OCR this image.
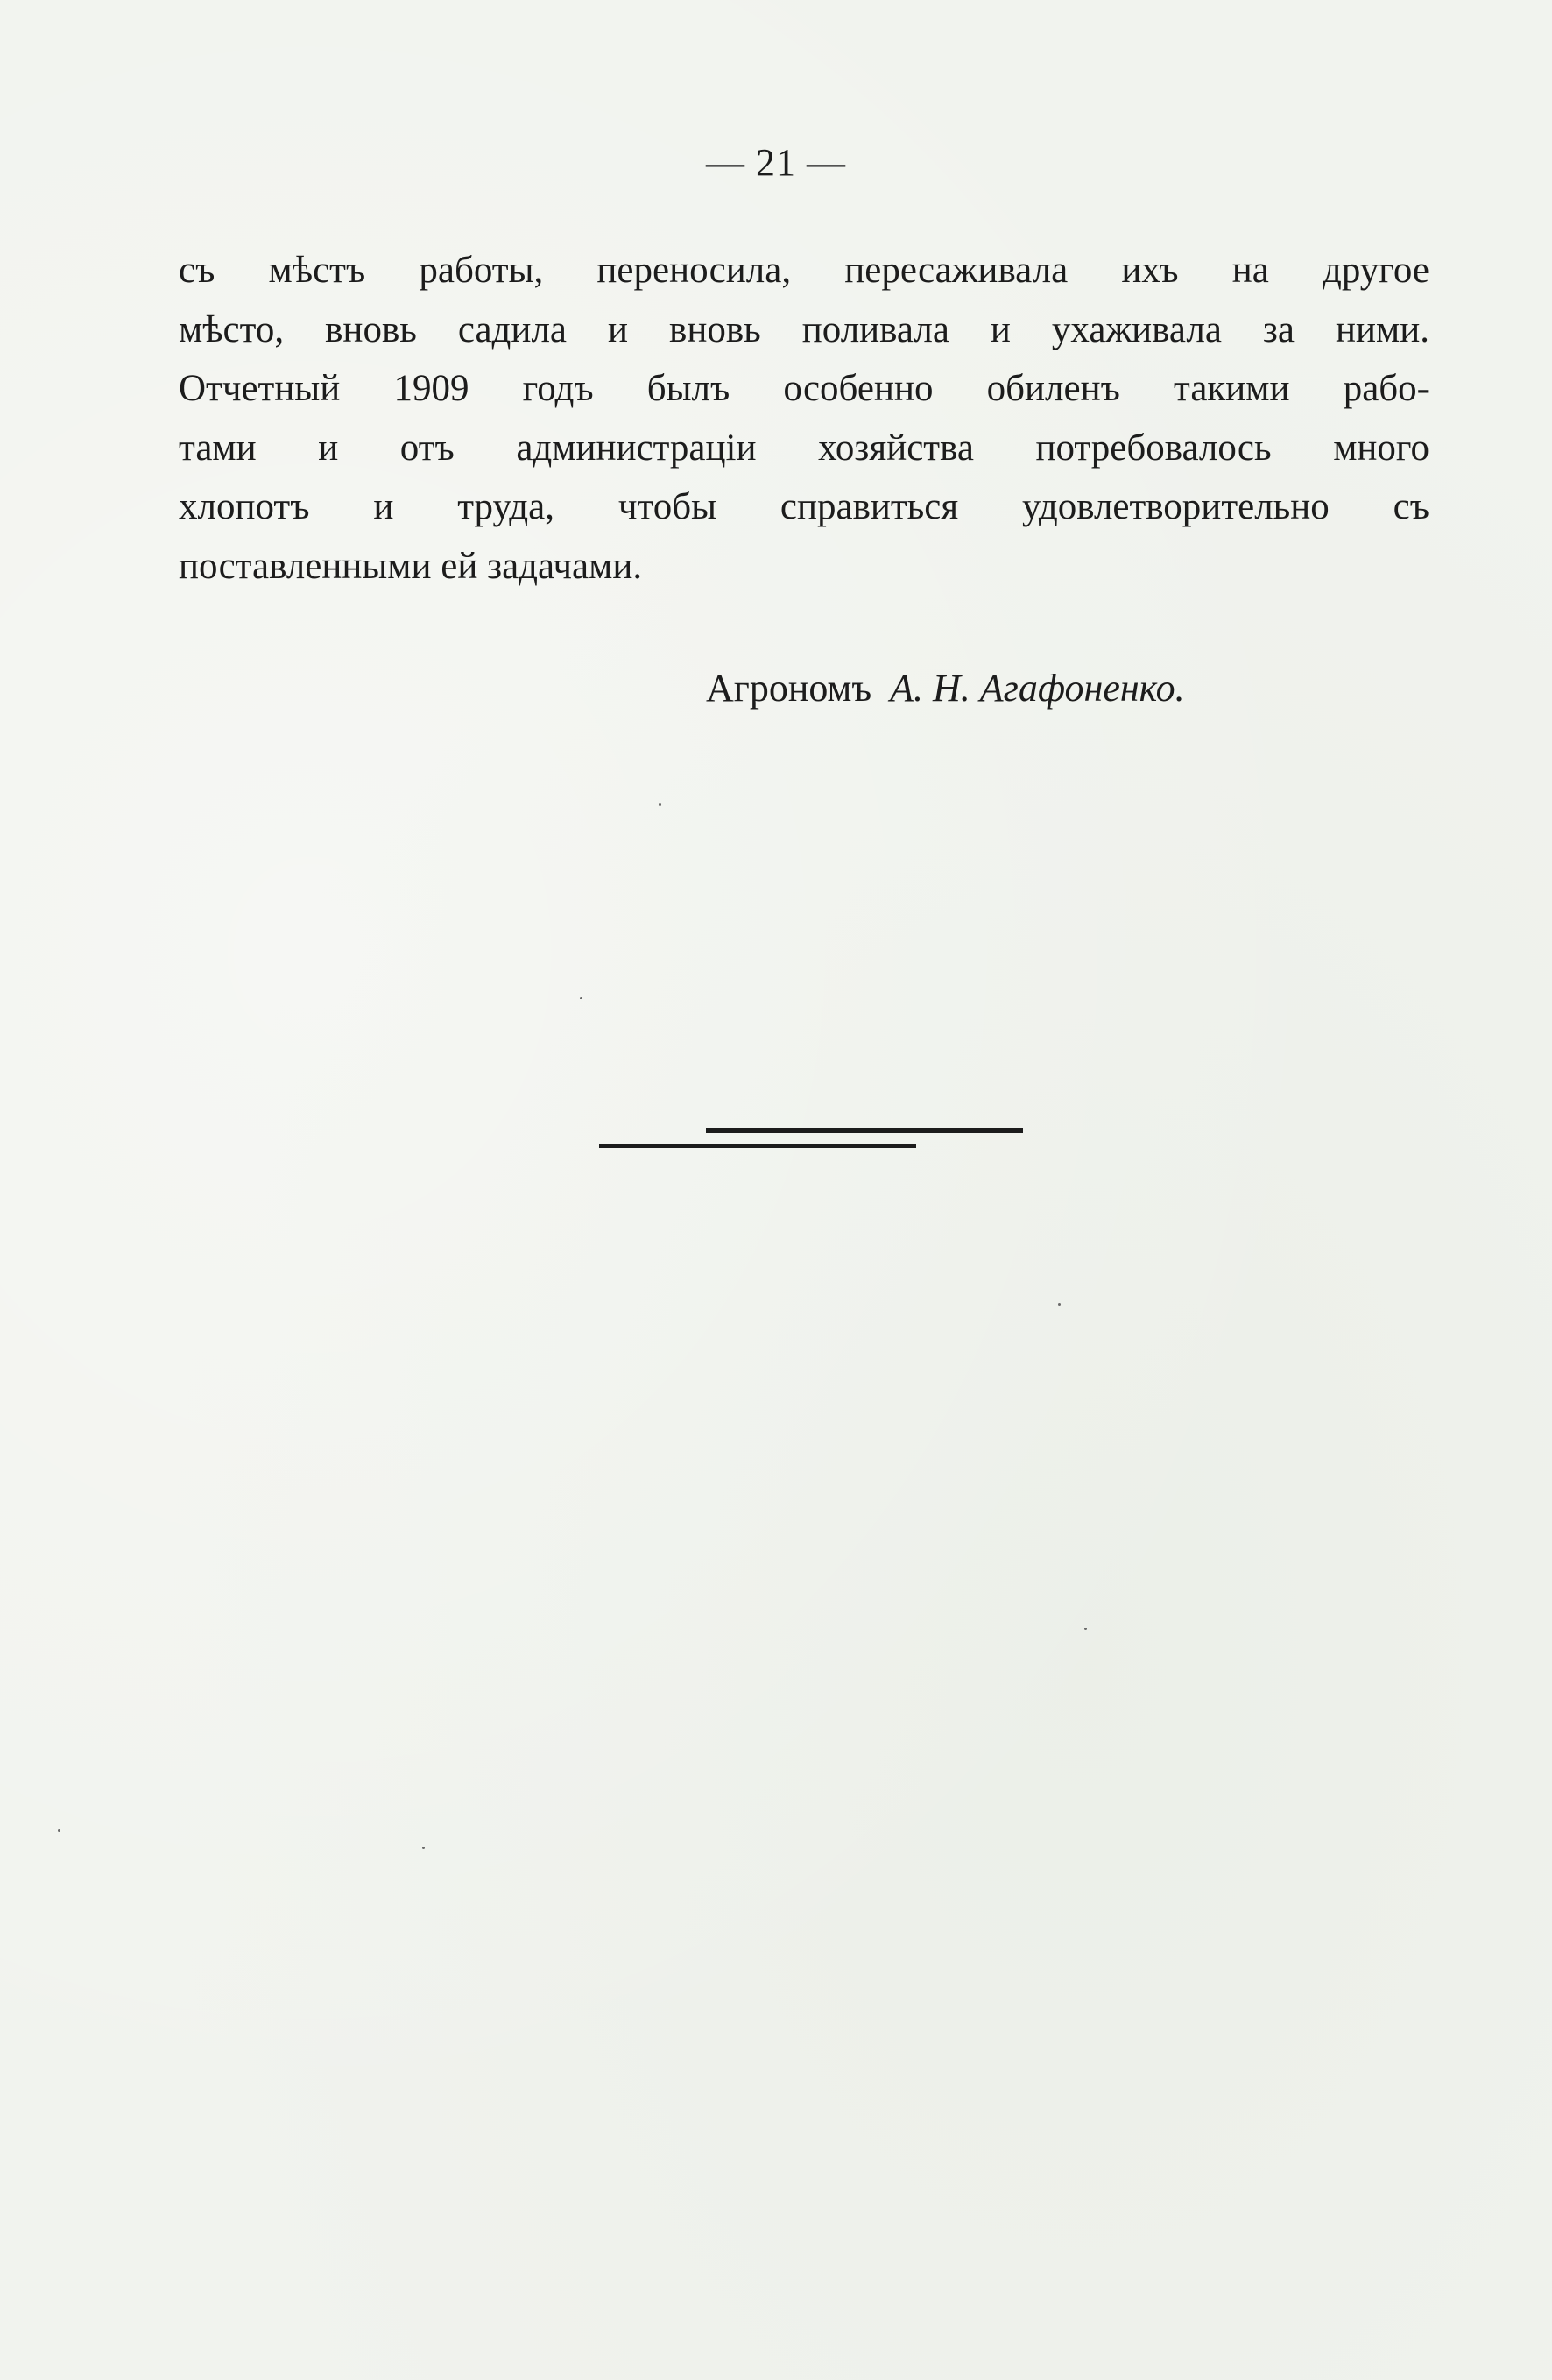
— 21 —
съ мѣстъ работы, переносила, пересаживала ихъ на другое
мѣсто, вновь садила и вновь поливала и ухаживала за ними.
Отчетный 1909 годъ былъ особенно обиленъ такими рабо-
тами и отъ администраціи хозяйства потребовалось много
хлопотъ и труда, чтобы справиться удовлетворительно съ
поставленными ей задачами.
Агрономъ А. Н. Агафоненко.
